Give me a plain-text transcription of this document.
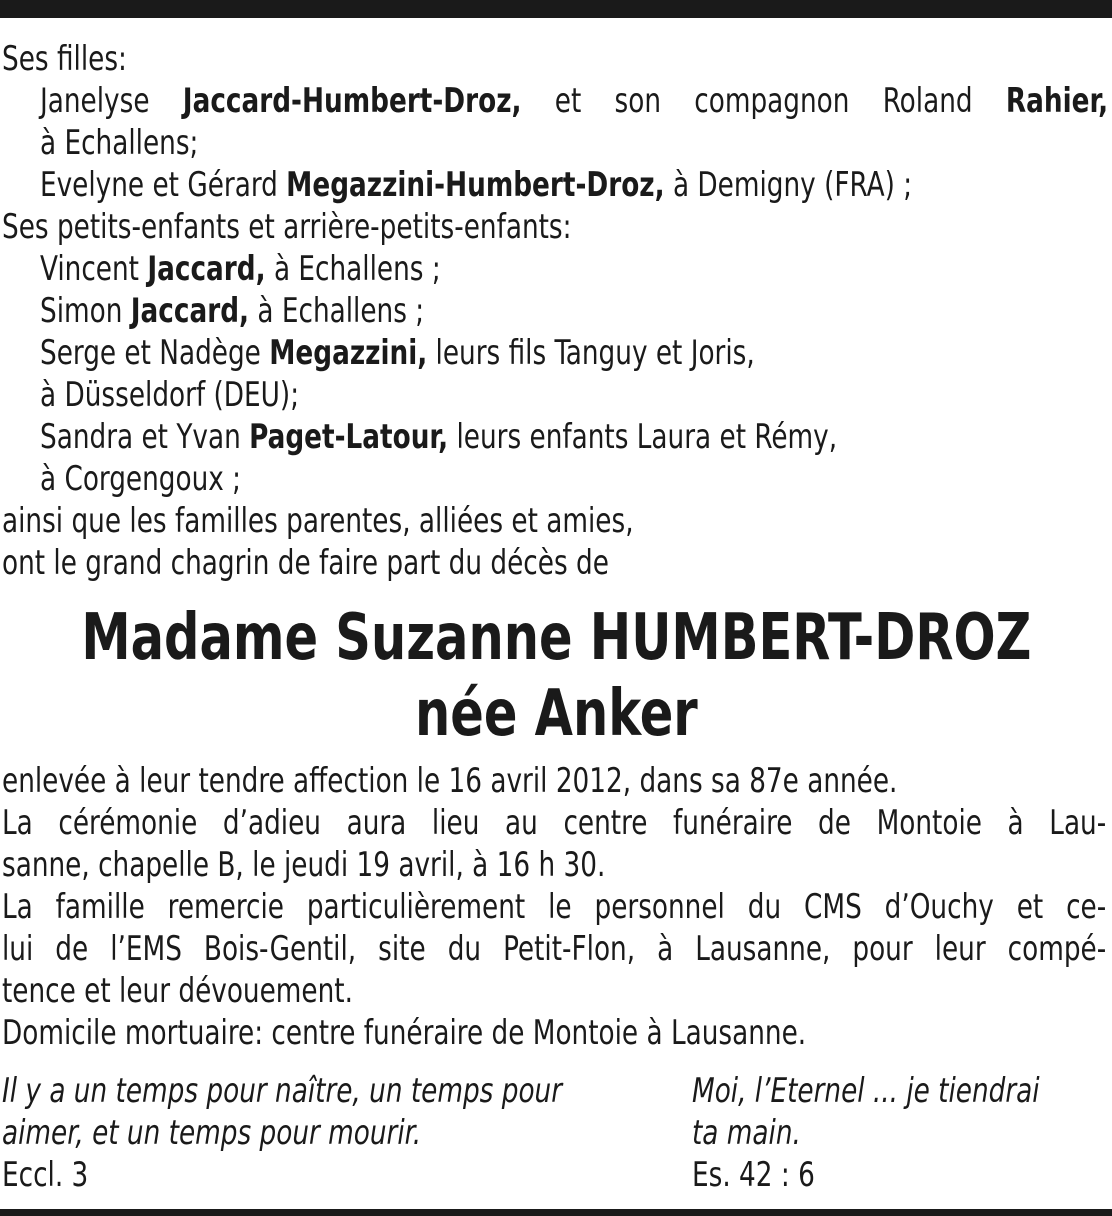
Ses filles:
Janelyse Jaccard-Humbert-Droz, et son compagnon Roland Rahier,
à Echallens;
Evelyne et Gérard Megazzini-Humbert-Droz, à Demigny (FRA) ;
Ses petits-enfants et arrière-petits-enfants:
Vincent Jaccard, à Echallens ;
Simon Jaccard, à Echallens ;
Serge et Nadège Megazzini, leurs fils Tanguy et Joris,
à Düsseldorf (DEU);
Sandra et Yvan Paget-Latour, leurs enfants Laura et Rémy,
à Corgengoux ;
ainsi que les familles parentes, alliées et amies,
ont le grand chagrin de faire part du décès de
Madame Suzanne HUMBERT-DROZ
née Anker
enlevée à leur tendre affection le 16 avril 2012, dans sa 87e année.
La cérémonie d’adieu aura lieu au centre funéraire de Montoie à Lau-
sanne, chapelle B, le jeudi 19 avril, à 16 h 30.
La famille remercie particulièrement le personnel du CMS d’Ouchy et ce-
lui de l’EMS Bois-Gentil, site du Petit-Flon, à Lausanne, pour leur compé-
tence et leur dévouement.
Domicile mortuaire: centre funéraire de Montoie à Lausanne.
Il y a un temps pour naître, un temps pour
aimer, et un temps pour mourir.
Eccl. 3
Moi, l’Eternel ... je tiendrai
ta main.
Es. 42 : 6
